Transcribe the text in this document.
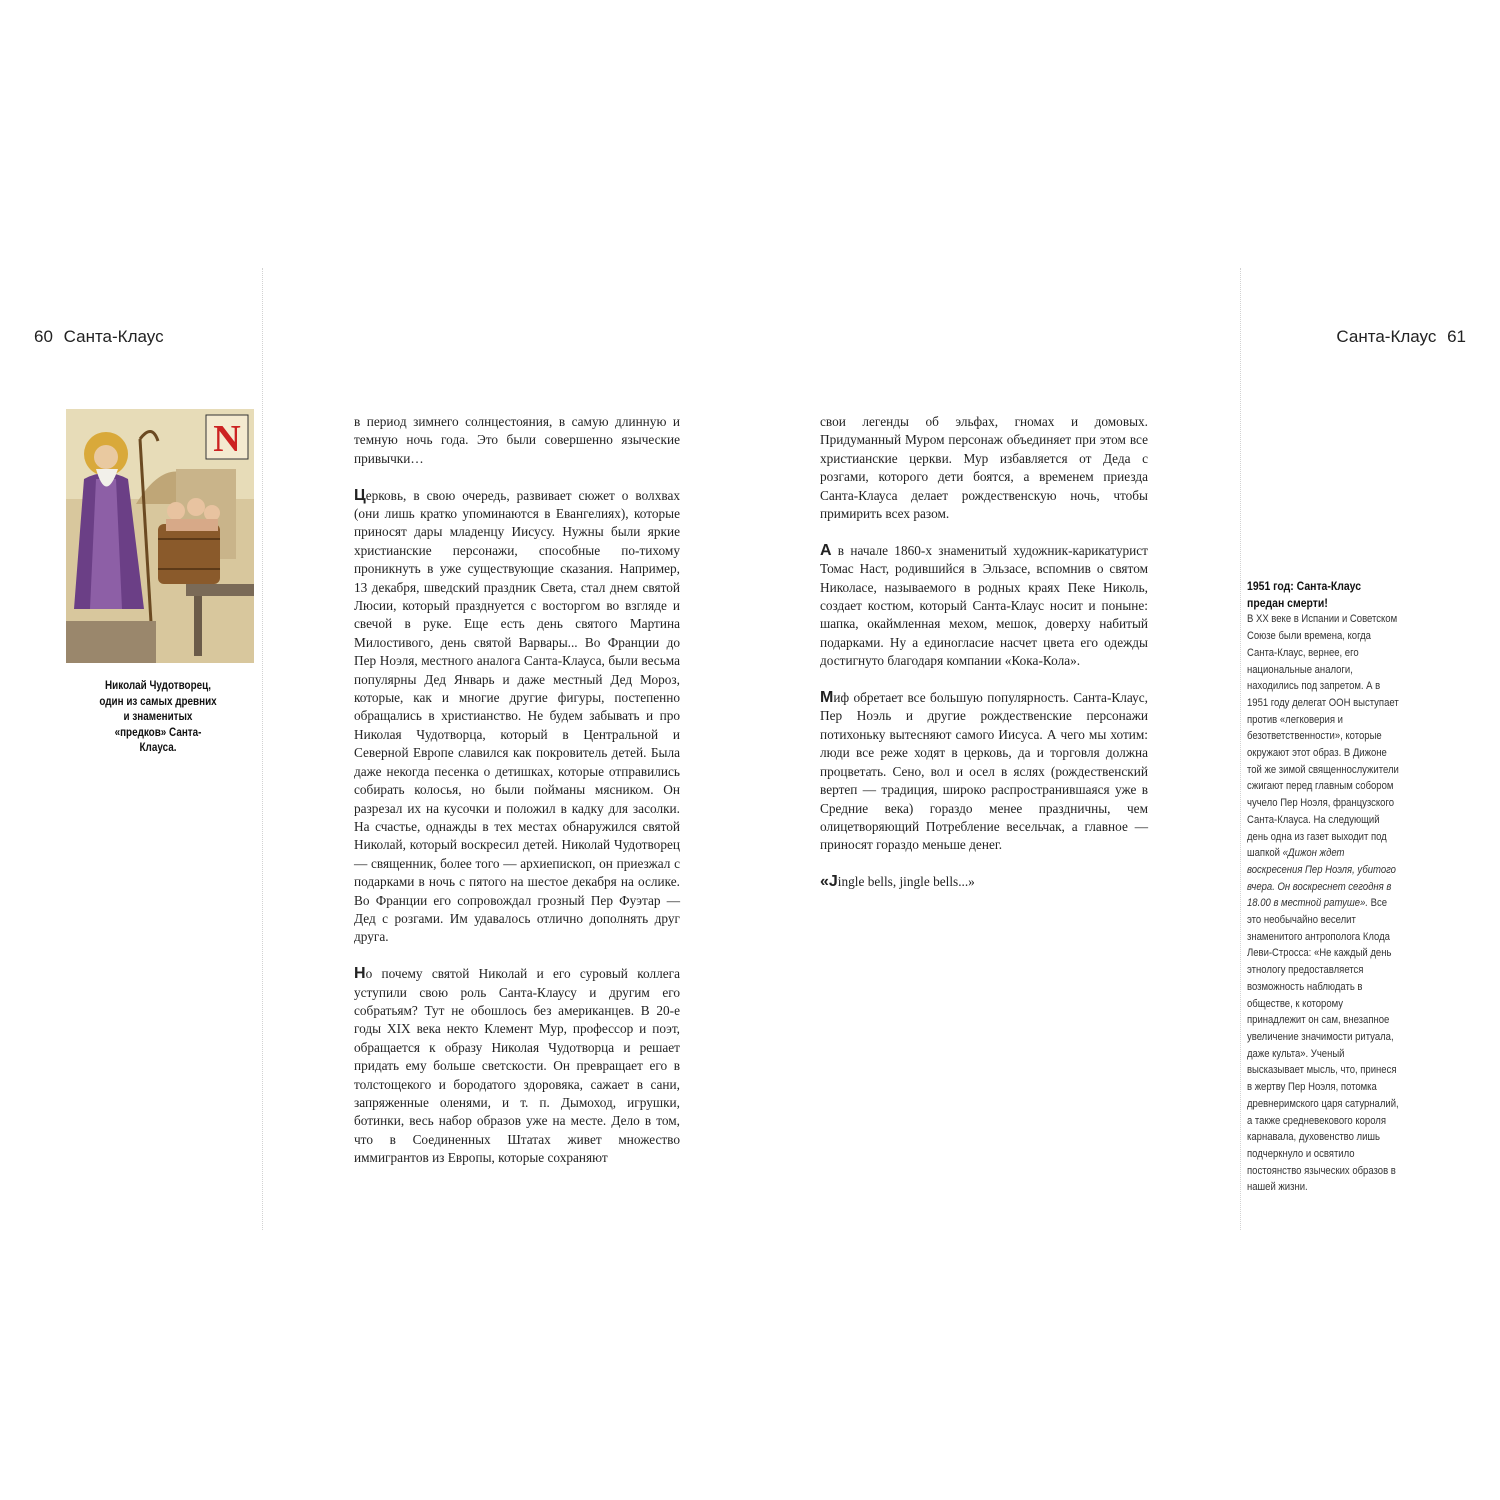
60 Санта-Клаус	Санта-Клаус 61
N
Николай Чудотворец, один из самых древних и знаменитых «предков» Санта-Клауса.

в период зимнего солнцестояния, в самую длинную и темную ночь года. Это были совершенно языческие привычки…

Церковь, в свою очередь, развивает сюжет о волхвах (они лишь кратко упоминаются в Евангелиях), которые приносят дары младенцу Иисусу. Нужны были яркие христианские персонажи, способные по-тихому проникнуть в уже существующие сказания. Например, 13 декабря, шведский праздник Света, стал днем святой Люсии, который празднуется с восторгом во взгляде и свечой в руке. Еще есть день святого Мартина Милостивого, день святой Варвары... Во Франции до Пер Ноэля, местного аналога Санта-Клауса, были весьма популярны Дед Январь и даже местный Дед Мороз, которые, как и многие другие фигуры, постепенно обращались в христианство. Не будем забывать и про Николая Чудотворца, который в Центральной и Северной Европе славился как покровитель детей. Была даже некогда песенка о детишках, которые отправились собирать колосья, но были пойманы мясником. Он разрезал их на кусочки и положил в кадку для засолки. На счастье, однажды в тех местах обнаружился святой Николай, который воскресил детей. Николай Чудотворец — священник, более того — архиепископ, он приезжал с подарками в ночь с пятого на шестое декабря на ослике. Во Франции его сопровождал грозный Пер Фуэтар — Дед с розгами. Им удавалось отлично дополнять друг друга.

Но почему святой Николай и его суровый коллега уступили свою роль Санта-Клаусу и другим его собратьям? Тут не обошлось без американцев. В 20-е годы XIX века некто Клемент Мур, профессор и поэт, обращается к образу Николая Чудотворца и решает придать ему больше светскости. Он превращает его в толстощекого и бородатого здоровяка, сажает в сани, запряженные оленями, и т. п. Дымоход, игрушки, ботинки, весь набор образов уже на месте. Дело в том, что в Соединенных Штатах живет множество иммигрантов из Европы, которые сохраняют

свои легенды об эльфах, гномах и домовых. Придуманный Муром персонаж объединяет при этом все христианские церкви. Мур избавляется от Деда с розгами, которого дети боятся, а временем приезда Санта-Клауса делает рождественскую ночь, чтобы примирить всех разом.

А в начале 1860-х знаменитый художник-карикатурист Томас Наст, родившийся в Эльзасе, вспомнив о святом Николасе, называемого в родных краях Пеке Николь, создает костюм, который Санта-Клаус носит и поныне: шапка, окаймленная мехом, мешок, доверху набитый подарками. Ну а единогласие насчет цвета его одежды достигнуто благодаря компании «Кока-Кола».

Миф обретает все большую популярность. Санта-Клаус, Пер Ноэль и другие рождественские персонажи потихоньку вытесняют самого Иисуса. А чего мы хотим: люди все реже ходят в церковь, да и торговля должна процветать. Сено, вол и осел в яслях (рождественский вертеп — традиция, широко распространившаяся уже в Средние века) гораздо менее праздничны, чем олицетворяющий Потребление весельчак, а главное — приносят гораздо меньше денег.

«Jingle bells, jingle bells...»

1951 год: Санта-Клаус предан смерти!
В XX веке в Испании и Советском Союзе были времена, когда Санта-Клаус, вернее, его национальные аналоги, находились под запретом. А в 1951 году делегат ООН выступает против «легковерия и безответственности», которые окружают этот образ. В Дижоне той же зимой священнослужители сжигают перед главным собором чучело Пер Ноэля, французского Санта-Клауса. На следующий день одна из газет выходит под шапкой «Дижон ждет воскресения Пер Ноэля, убитого вчера. Он воскреснет сегодня в 18.00 в местной ратуше». Все это необычайно веселит знаменитого антрополога Клода Леви-Стросса: «Не каждый день этнологу предоставляется возможность наблюдать в обществе, к которому принадлежит он сам, внезапное увеличение значимости ритуала, даже культа». Ученый высказывает мысль, что, принеся в жертву Пер Ноэля, потомка древнеримского царя сатурналий, а также средневекового короля карнавала, духовенство лишь подчеркнуло и освятило постоянство языческих образов в нашей жизни.
